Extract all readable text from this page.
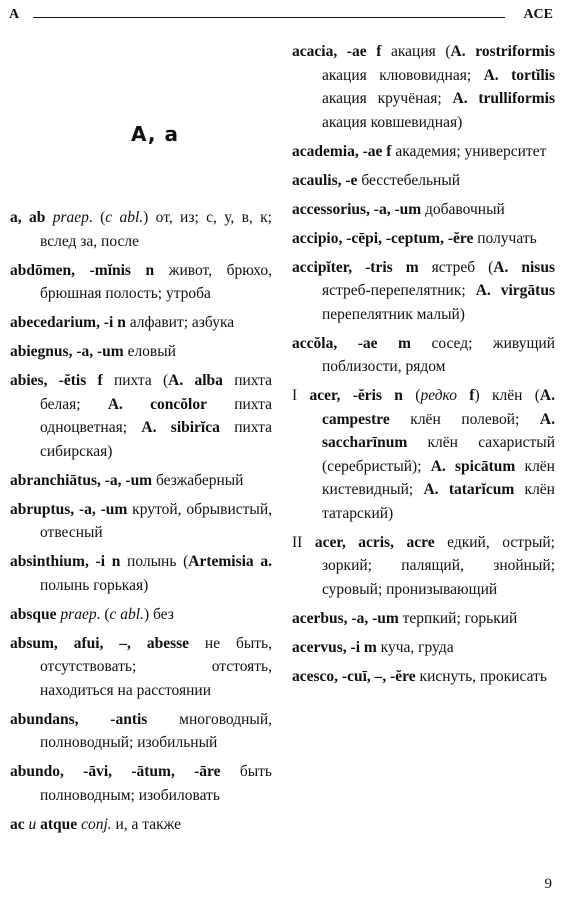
А	ACE
A, a

a, ab praep. (c abl.) от, из; с, у, в, к; вслед за, после

abdōmen, -mĭnis n живот, брюхо, брюшная полость; утроба

abecedarium, -i n алфавит; азбука

abiegnus, -a, -um еловый

abies, -ĕtis f пихта (A. alba пихта белая; A. concŏlor пихта одноцветная; A. sibirĭca пихта сибирская)

abranchiātus, -a, -um безжаберный

abruptus, -a, -um крутой, обрывистый, отвесный

absinthium, -i n полынь (Artemisia a. полынь горькая)

absque praep. (c abl.) без

absum, afui, –, abesse не быть, отсутствовать; отстоять, находиться на расстоянии

abundans, -antis многоводный, полноводный; изобильный

abundo, -āvi, -ātum, -āre быть полноводным; изобиловать

ac и atque conj. и, а также

acacia, -ae f акация (A. rostriformis акация клювовидная; A. tortĭlis акация кручёная; A. trulliformis акация ковшевидная)

academia, -ae f академия; университет

acaulis, -e бесстебельный

accessorius, -a, -um добавочный

accipio, -cēpi, -ceptum, -ĕre получать

accipĭter, -tris m ястреб (A. nisus ястреб-перепелятник; A. virgātus перепелятник малый)

accŏla, -ae m сосед; живущий поблизости, рядом

I acer, -ĕris n (редко f) клён (A. campestre клён полевой; A. saccharīnum клён сахаристый (серебристый); A. spicātum клён кистевидный; A. tatarĭcum клён татарский)

II acer, acris, acre едкий, острый; зоркий; палящий, знойный; суровый; пронизывающий

acerbus, -a, -um терпкий; горький

acervus, -i m куча, груда

acesco, -cuī, –, -ĕre киснуть, прокисать

9
